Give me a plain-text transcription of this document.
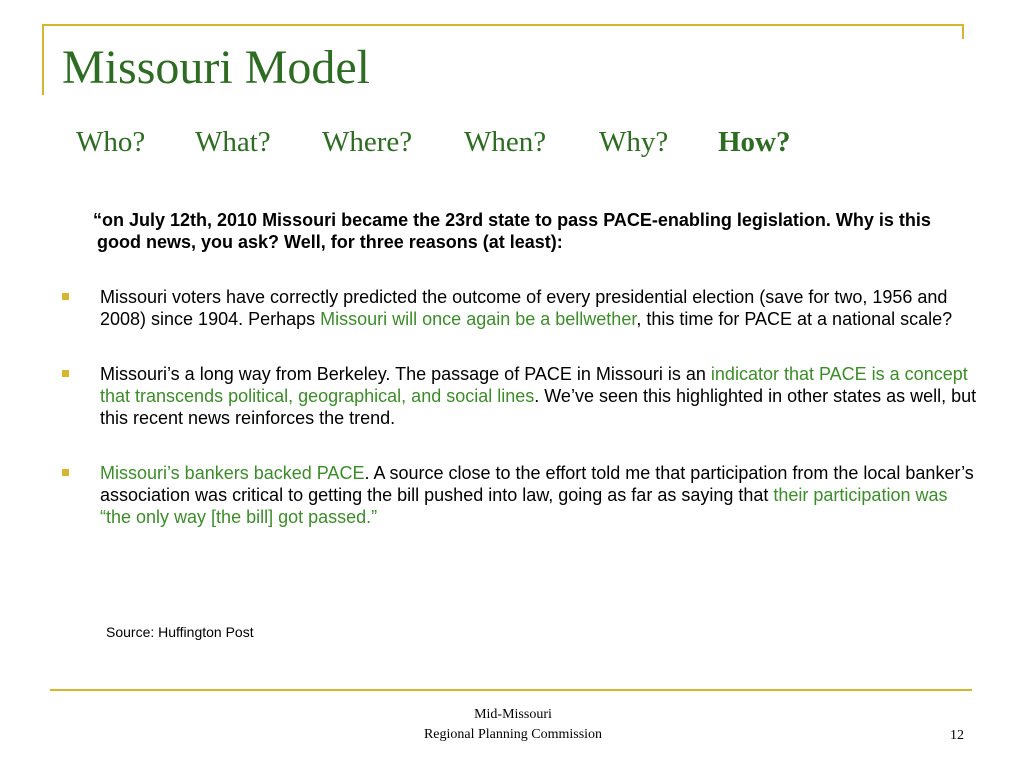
Missouri Model
Who? What? Where? When? Why? How?

“on July 12th, 2010 Missouri became the 23rd state to pass PACE-enabling legislation. Why is this good news, you ask? Well, for three reasons (at least):

Missouri voters have correctly predicted the outcome of every presidential election (save for two, 1956 and 2008) since 1904. Perhaps Missouri will once again be a bellwether, this time for PACE at a national scale?
Missouri’s a long way from Berkeley. The passage of PACE in Missouri is an indicator that PACE is a concept that transcends political, geographical, and social lines. We’ve seen this highlighted in other states as well, but this recent news reinforces the trend.
Missouri’s bankers backed PACE. A source close to the effort told me that participation from the local banker’s association was critical to getting the bill pushed into law, going as far as saying that their participation was “the only way [the bill] got passed.”

Source: Huffington Post

Mid-Missouri
Regional Planning Commission	12
